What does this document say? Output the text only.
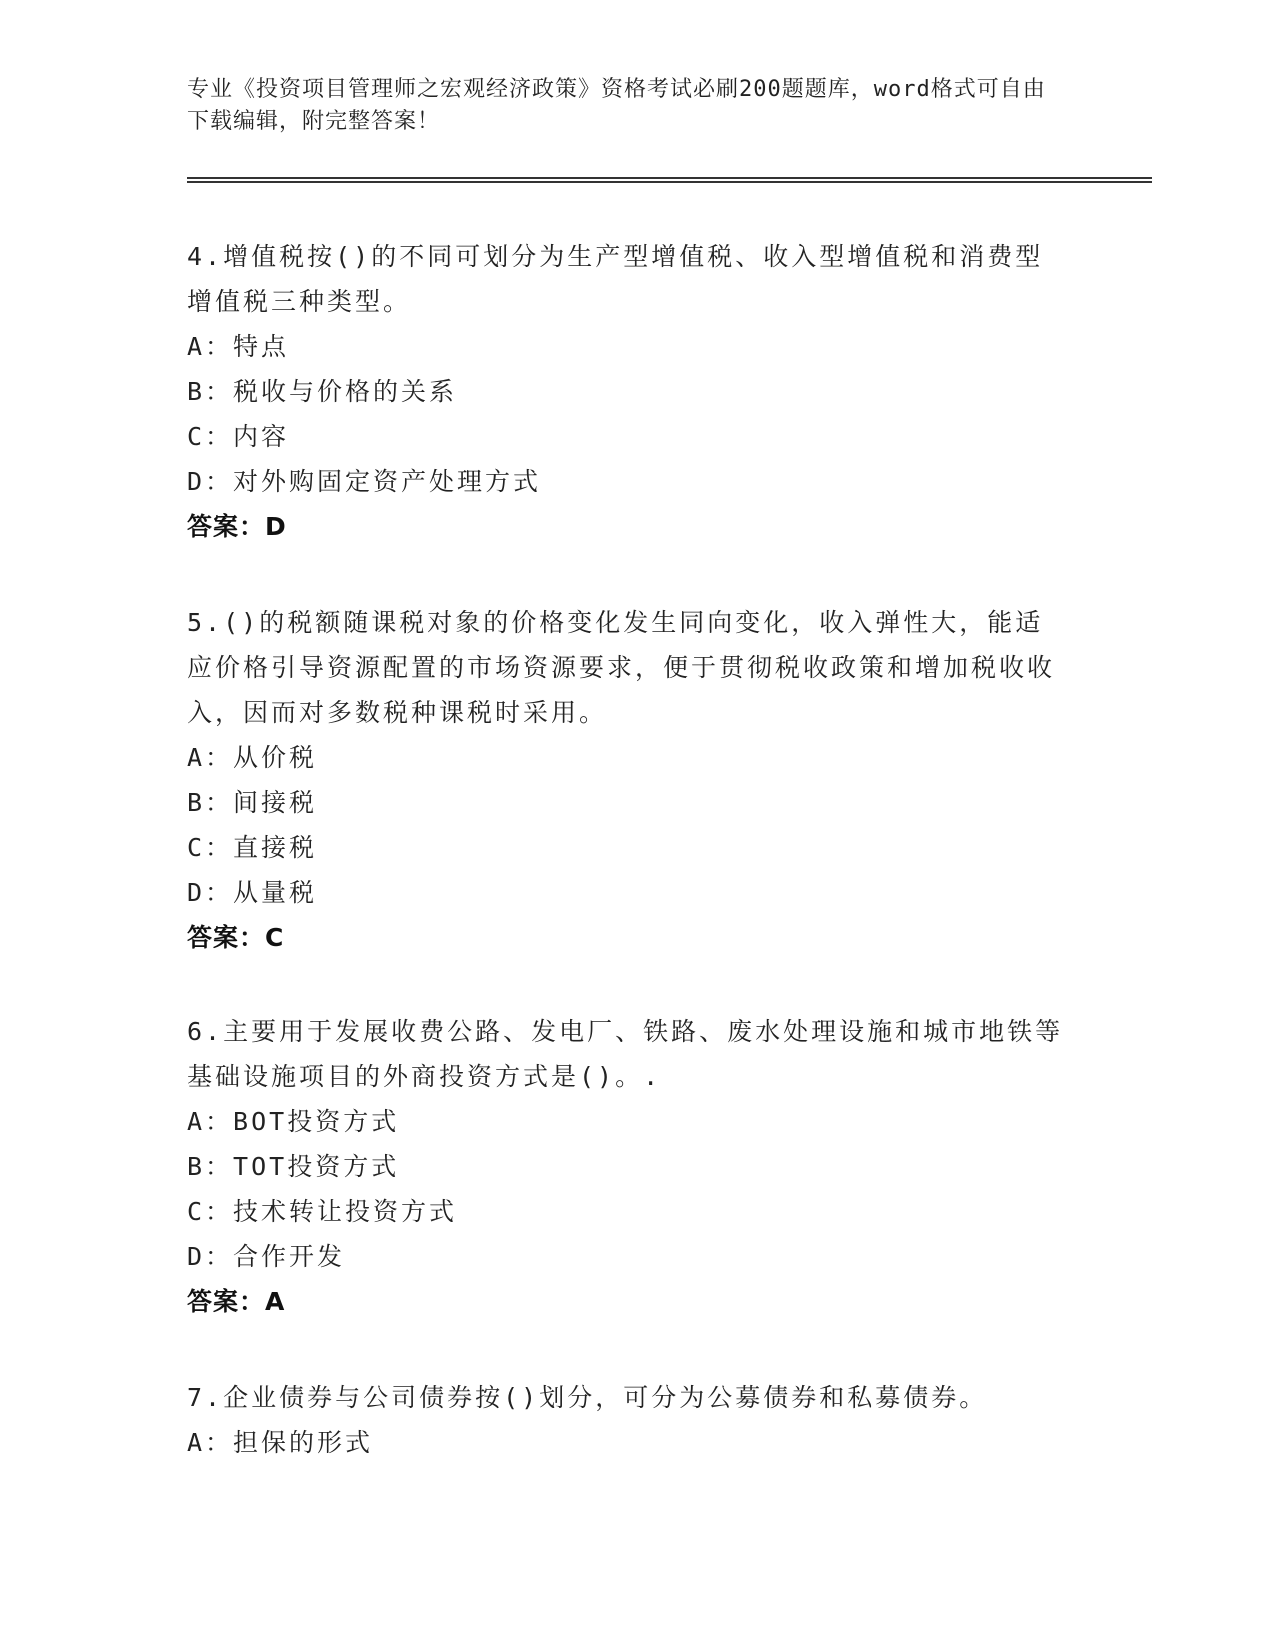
专业《投资项目管理师之宏观经济政策》资格考试必刷200题题库，word格式可自由下载编辑，附完整答案！

4.增值税按()的不同可划分为生产型增值税、收入型增值税和消费型增值税三种类型。

A：特点

B：税收与价格的关系

C：内容

D：对外购固定资产处理方式

答案：D

5.()的税额随课税对象的价格变化发生同向变化，收入弹性大，能适应价格引导资源配置的市场资源要求，便于贯彻税收政策和增加税收收入，因而对多数税种课税时采用。

A：从价税

B：间接税

C：直接税

D：从量税

答案：C

6.主要用于发展收费公路、发电厂、铁路、废水处理设施和城市地铁等基础设施项目的外商投资方式是()。.

A：BOT投资方式

B：TOT投资方式

C：技术转让投资方式

D：合作开发

答案：A

7.企业债券与公司债券按()划分，可分为公募债券和私募债券。

A：担保的形式
